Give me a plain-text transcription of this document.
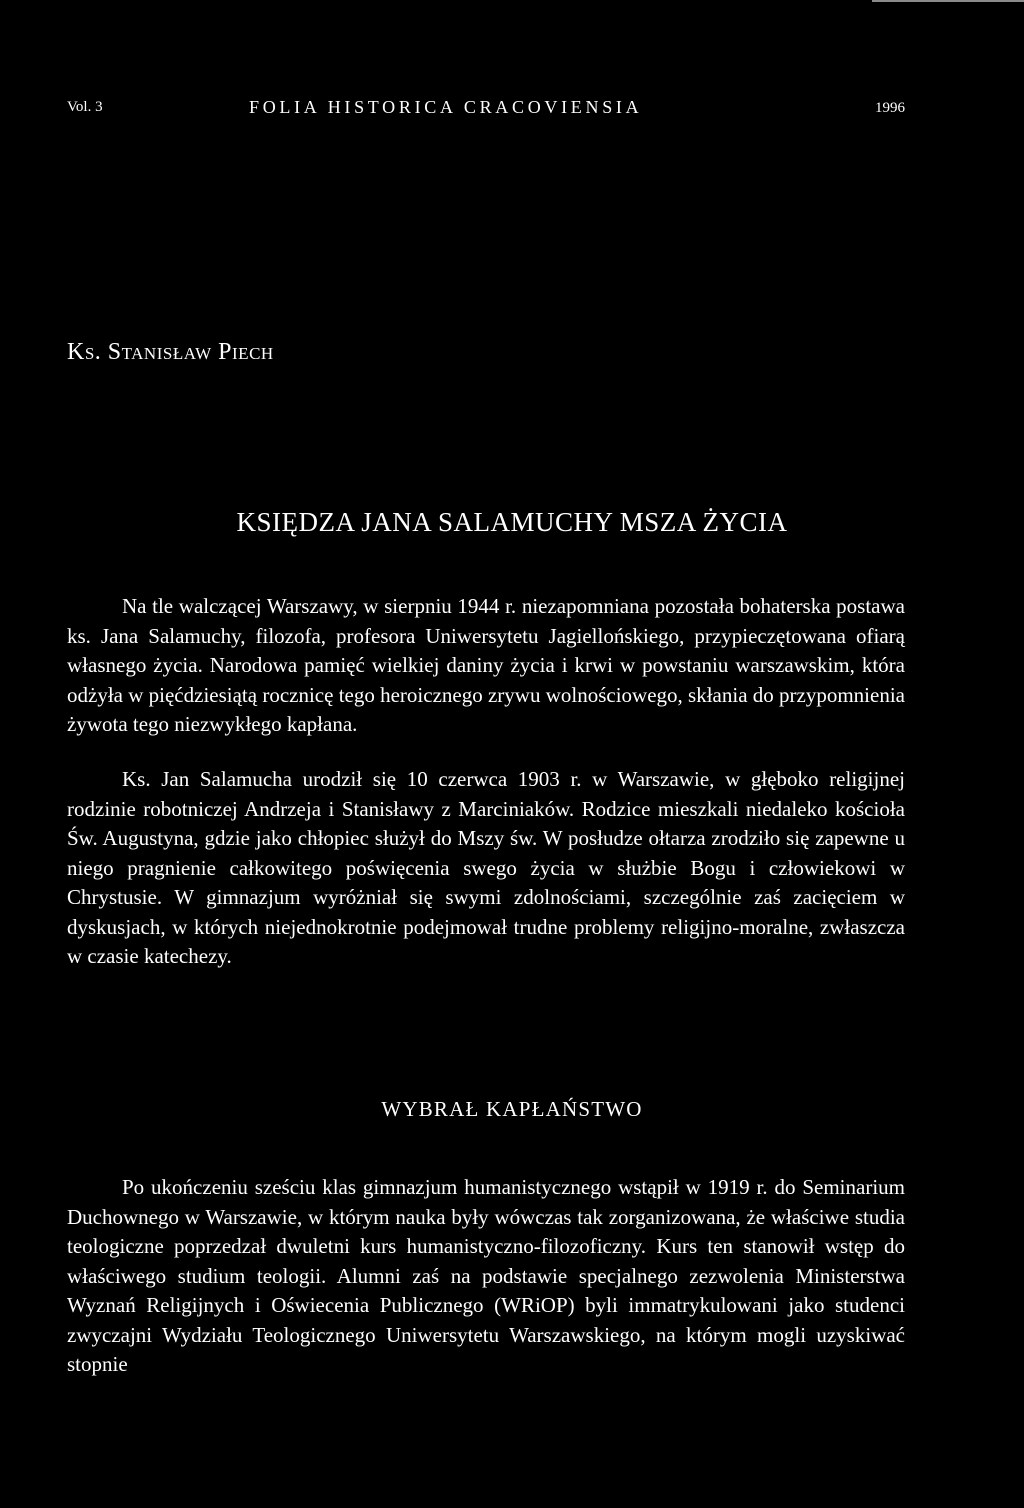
Vol. 3	FOLIA HISTORICA CRACOVIENSIA	1996
Ks. Stanisław Piech
KSIĘDZA JANA SALAMUCHY MSZA ŻYCIA

Na tle walczącej Warszawy, w sierpniu 1944 r. niezapomniana pozostała bohaterska postawa ks. Jana Salamuchy, filozofa, profesora Uniwersytetu Jagiellońskiego, przypieczętowana ofiarą własnego życia. Narodowa pamięć wielkiej daniny życia i krwi w powstaniu warszawskim, która odżyła w pięćdziesiątą rocznicę tego heroicznego zrywu wolnościowego, skłania do przypomnienia żywota tego niezwykłego kapłana.

Ks. Jan Salamucha urodził się 10 czerwca 1903 r. w Warszawie, w głęboko religijnej rodzinie robotniczej Andrzeja i Stanisławy z Marciniaków. Rodzice mieszkali niedaleko kościoła Św. Augustyna, gdzie jako chłopiec służył do Mszy św. W posłudze ołtarza zrodziło się zapewne u niego pragnienie całkowitego poświęcenia swego życia w służbie Bogu i człowiekowi w Chrystusie. W gimnazjum wyróżniał się swymi zdolnościami, szczególnie zaś zacięciem w dyskusjach, w których niejednokrotnie podejmował trudne problemy religijno-moralne, zwłaszcza w czasie katechezy.

WYBRAŁ KAPŁAŃSTWO

Po ukończeniu sześciu klas gimnazjum humanistycznego wstąpił w 1919 r. do Seminarium Duchownego w Warszawie, w którym nauka były wówczas tak zorganizowana, że właściwe studia teologiczne poprzedzał dwuletni kurs humanistyczno-filozoficzny. Kurs ten stanowił wstęp do właściwego studium teologii. Alumni zaś na podstawie specjalnego zezwolenia Ministerstwa Wyznań Religijnych i Oświecenia Publicznego (WRiOP) byli immatrykulowani jako studenci zwyczajni Wydziału Teologicznego Uniwersytetu Warszawskiego, na którym mogli uzyskiwać stopnie
